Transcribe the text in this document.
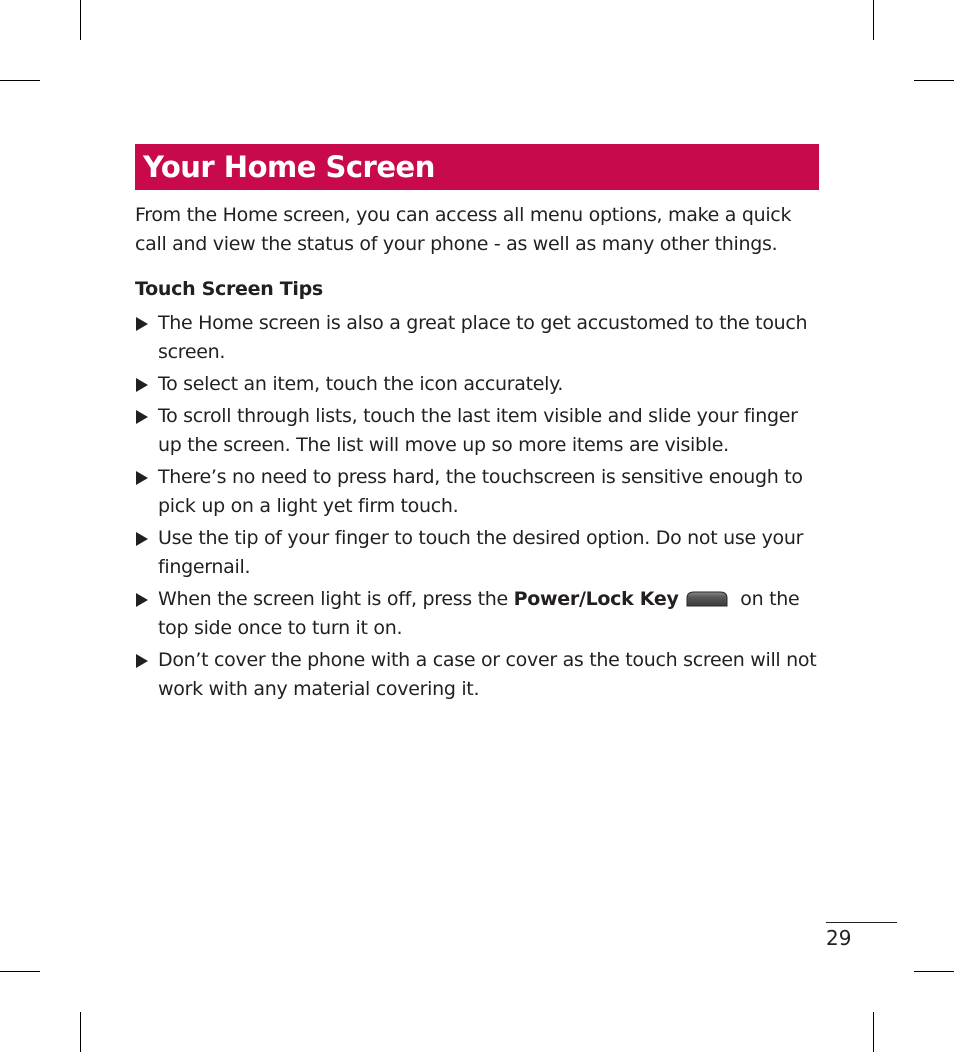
Your Home Screen
From the Home screen, you can access all menu options, make a quick call and view the status of your phone - as well as many other things.
Touch Screen Tips
The Home screen is also a great place to get accustomed to the touch screen.
To select an item, touch the icon accurately.
To scroll through lists, touch the last item visible and slide your finger up the screen. The list will move up so more items are visible.
There’s no need to press hard, the touchscreen is sensitive enough to pick up on a light yet firm touch.
Use the tip of your finger to touch the desired option. Do not use your fingernail.
When the screen light is off, press the Power/Lock Key	on the top side once to turn it on.
Don’t cover the phone with a case or cover as the touch screen will not work with any material covering it.
29
